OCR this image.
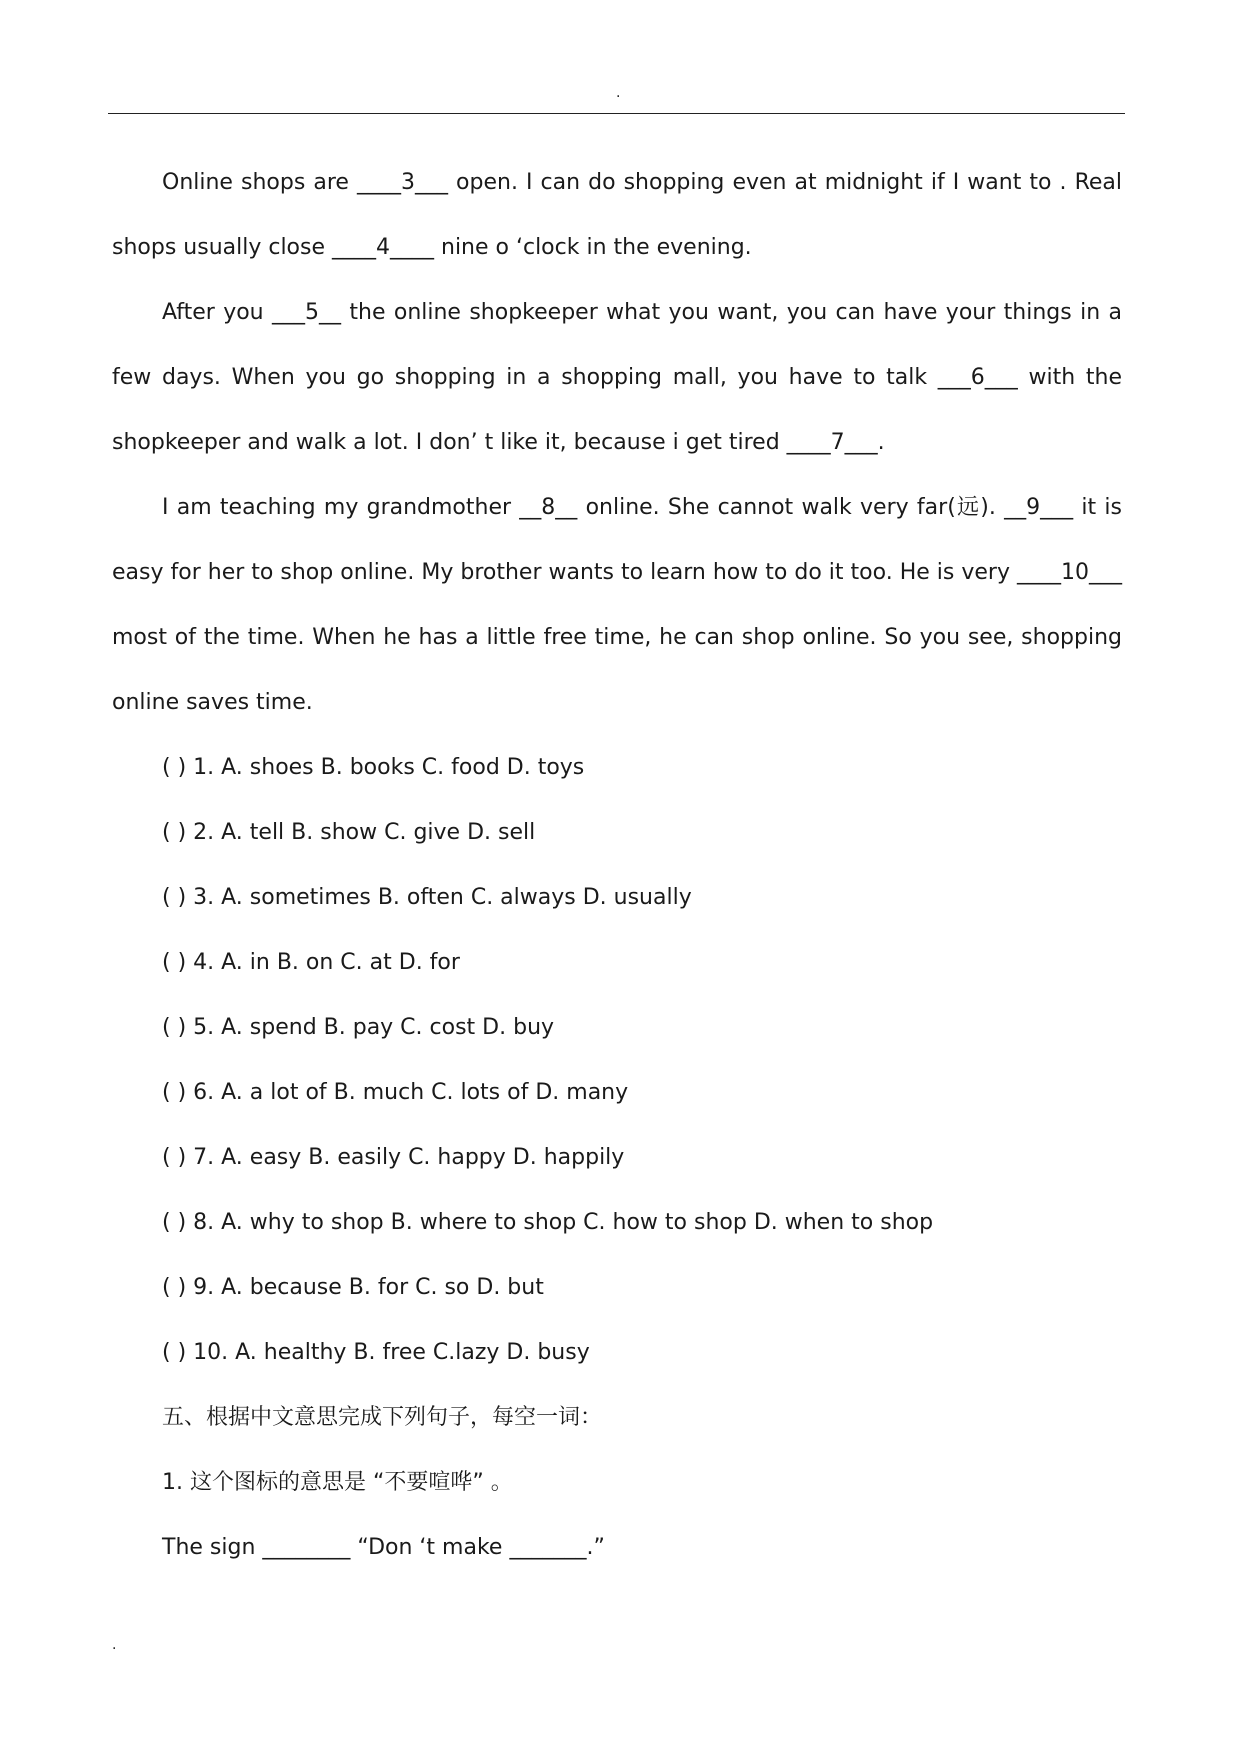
.
Online shops are ____3___ open. I can do shopping even at midnight if I want to . Real
shops usually close ____4____ nine o ‘clock in the evening.
After you ___5__ the online shopkeeper what you want, you can have your things in a
few days. When you go shopping in a shopping mall, you have to talk ___6___ with the
shopkeeper and walk a lot. I don’ t like it, because i get tired ____7___.
I am teaching my grandmother __8__ online. She cannot walk very far(远). __9___ it is
easy for her to shop online. My brother wants to learn how to do it too. He is very ____10___
most of the time. When he has a little free time, he can shop online. So you see, shopping
online saves time.
( ) 1. A. shoes B. books C. food D. toys
( ) 2. A. tell B. show C. give D. sell
( ) 3. A. sometimes B. often C. always D. usually
( ) 4. A. in B. on C. at D. for
( ) 5. A. spend B. pay C. cost D. buy
( ) 6. A. a lot of B. much C. lots of D. many
( ) 7. A. easy B. easily C. happy D. happily
( ) 8. A. why to shop B. where to shop C. how to shop D. when to shop
( ) 9. A. because B. for C. so D. but
( ) 10. A. healthy B. free C.lazy D. busy
五、根据中文意思完成下列句子，每空一词：
1. 这个图标的意思是 “不要喧哗” 。
The sign ________ “Don ‘t make _______.”
.
